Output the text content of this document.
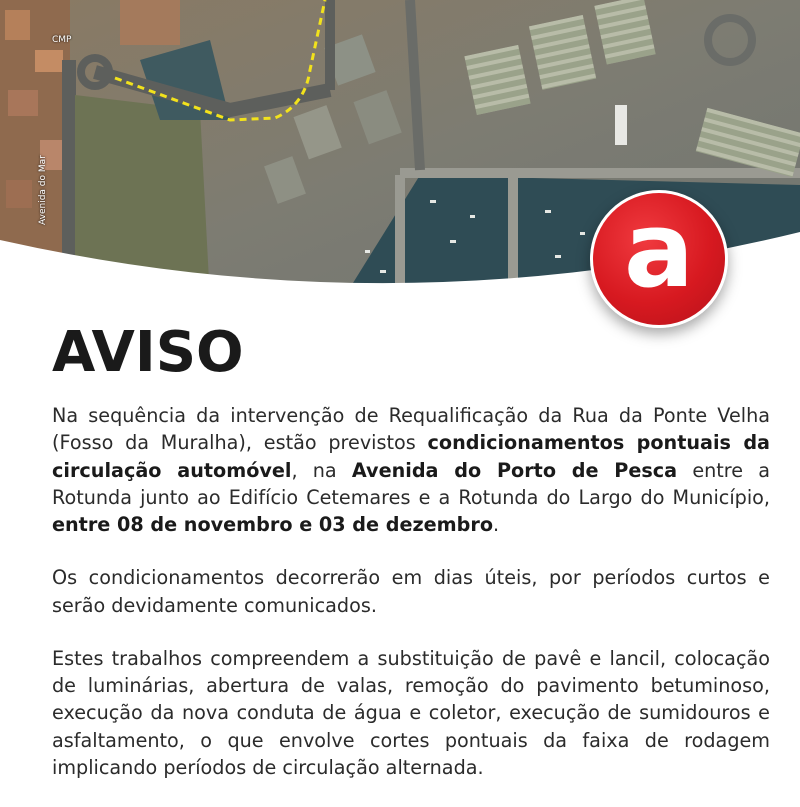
CMP
Avenida do Mar	a
AVISO

Na sequência da intervenção de Requalificação da Rua da Ponte Velha (Fosso da Muralha), estão previstos condicionamentos pontuais da circulação automóvel, na Avenida do Porto de Pesca entre a Rotunda junto ao Edifício Cetemares e a Rotunda do Largo do Município, entre 08 de novembro e 03 de dezembro.

Os condicionamentos decorrerão em dias úteis, por períodos curtos e serão devidamente comunicados.

Estes trabalhos compreendem a substituição de pavê e lancil, colocação de luminárias, abertura de valas, remoção do pavimento betuminoso, execução da nova conduta de água e coletor, execução de sumidouros e asfaltamento, o que envolve cortes pontuais da faixa de rodagem implicando períodos de circulação alternada.
